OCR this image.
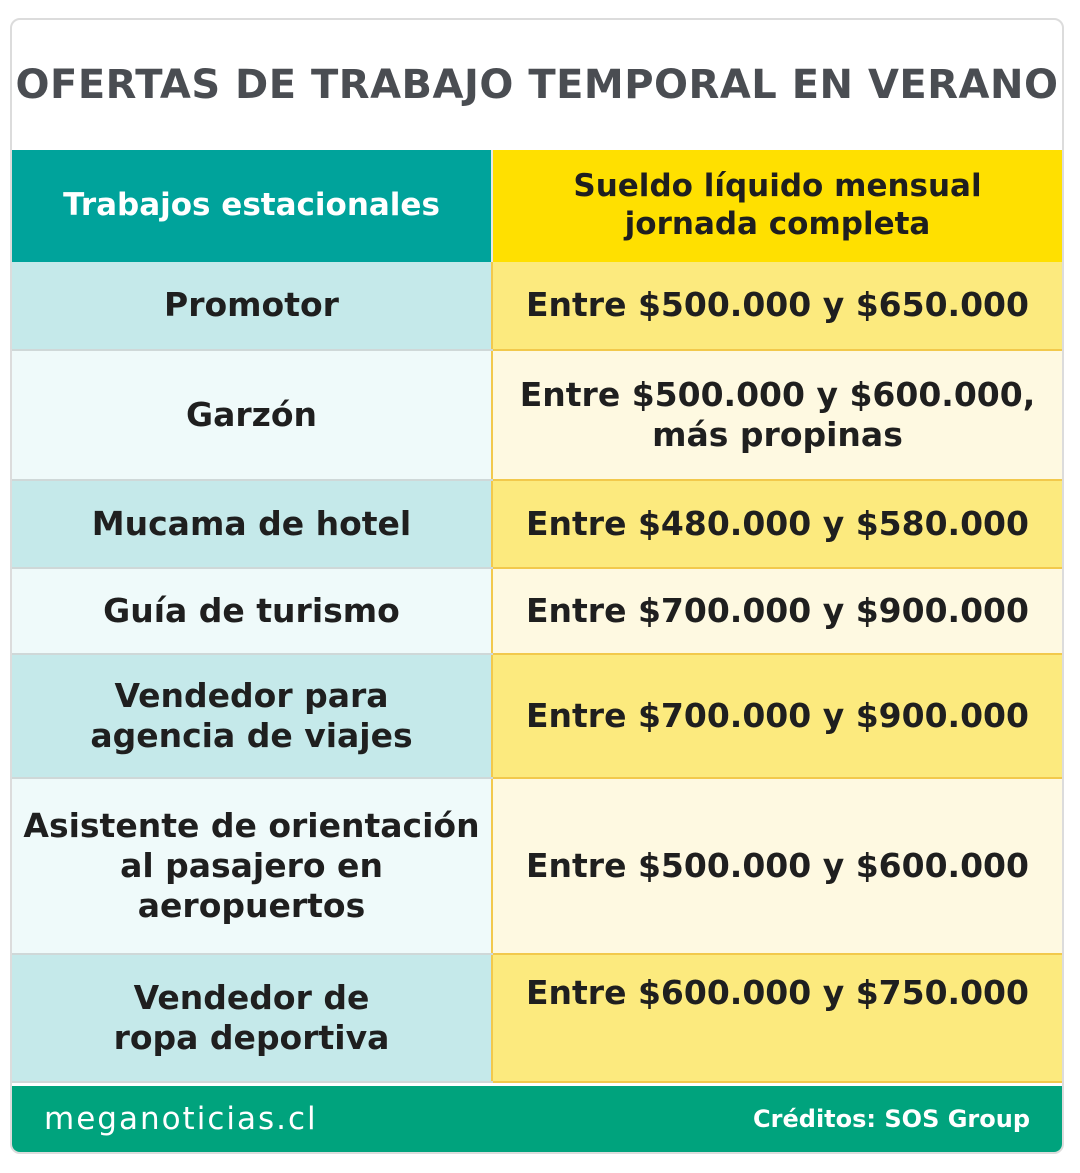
OFERTAS DE TRABAJO TEMPORAL EN VERANO
Trabajos estacionales	Sueldo líquido mensual
jornada completa
Promotor	Entre $500.000 y $650.000
Garzón	Entre $500.000 y $600.000,
más propinas
Mucama de hotel	Entre $480.000 y $580.000
Guía de turismo	Entre $700.000 y $900.000
Vendedor para
agencia de viajes	Entre $700.000 y $900.000
Asistente de orientación
al pasajero en
aeropuertos	Entre $500.000 y $600.000
Vendedor de
ropa deportiva	Entre $600.000 y $750.000
meganoticias.cl	Créditos: SOS Group
